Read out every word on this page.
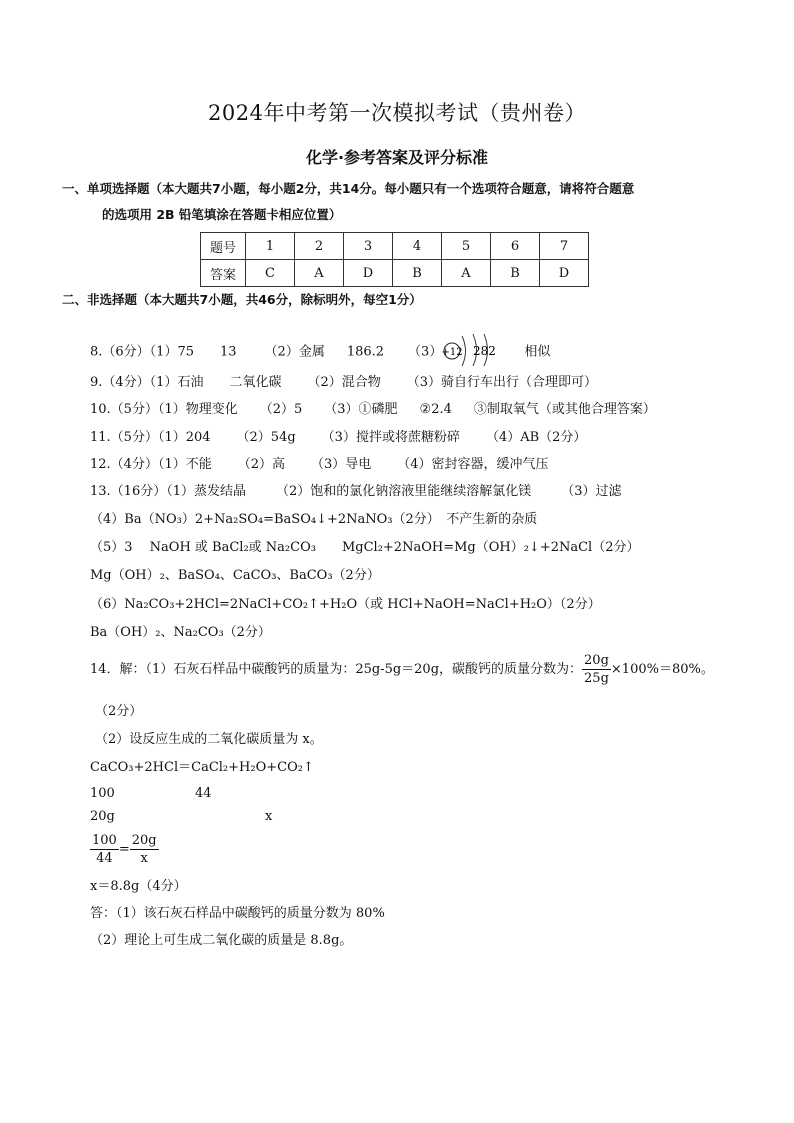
2024年中考第一次模拟考试（贵州卷）
化学·参考答案及评分标准
一、单项选择题（本大题共7小题，每小题2分，共14分。每小题只有一个选项符合题意，请将符合题意
的选项用 2B 铅笔填涂在答题卡相应位置）
题号	1	2	3	4	5	6	7
答案	C	A	D	B	A	B	D
二、非选择题（本大题共7小题，共46分，除标明外，每空1分）
8.（6分）（1）75 13 （2）金属 186.2 （3） +12 282 相似
9.（4分）（1）石油 二氧化碳 （2）混合物 （3）骑自行车出行（合理即可）
10.（5分）（1）物理变化 （2）5 （3）①磷肥 ②2.4 ③制取氧气（或其他合理答案）
11.（5分）（1）204 （2）54g （3）搅拌或将蔗糖粉碎 （4）AB（2分）
12.（4分）（1）不能 （2）高 （3）导电 （4）密封容器，缓冲气压
13.（16分）（1）蒸发结晶 （2）饱和的氯化钠溶液里能继续溶解氯化镁 （3）过滤
（4）Ba（NO₃）2+Na₂SO₄=BaSO₄↓+2NaNO₃（2分）　不产生新的杂质
（5）3　 NaOH 或 BaCl₂或 Na₂CO₃　　MgCl₂+2NaOH=Mg（OH）₂↓+2NaCl（2分）
Mg（OH）₂、BaSO₄、CaCO₃、BaCO₃（2分）
（6）Na₂CO₃+2HCl=2NaCl+CO₂↑+H₂O（或 HCl+NaOH=NaCl+H₂O）（2分）
Ba（OH）₂、Na₂CO₃（2分）
14．解：（1）石灰石样品中碳酸钙的质量为：25g-5g＝20g，碳酸钙的质量分数为： $\frac{20g}{25g} \times 100\%=80\%$。
（2分）
（2）设反应生成的二氧化碳质量为 x。
CaCO₃+2HCl＝CaCl₂+H₂O+CO₂↑
100	44
20g	x
$\frac{100}{44} = \frac{20g}{x}$
x＝8.8g（4分）
答：（1）该石灰石样品中碳酸钙的质量分数为 80%
（2）理论上可生成二氧化碳的质量是 8.8g。
